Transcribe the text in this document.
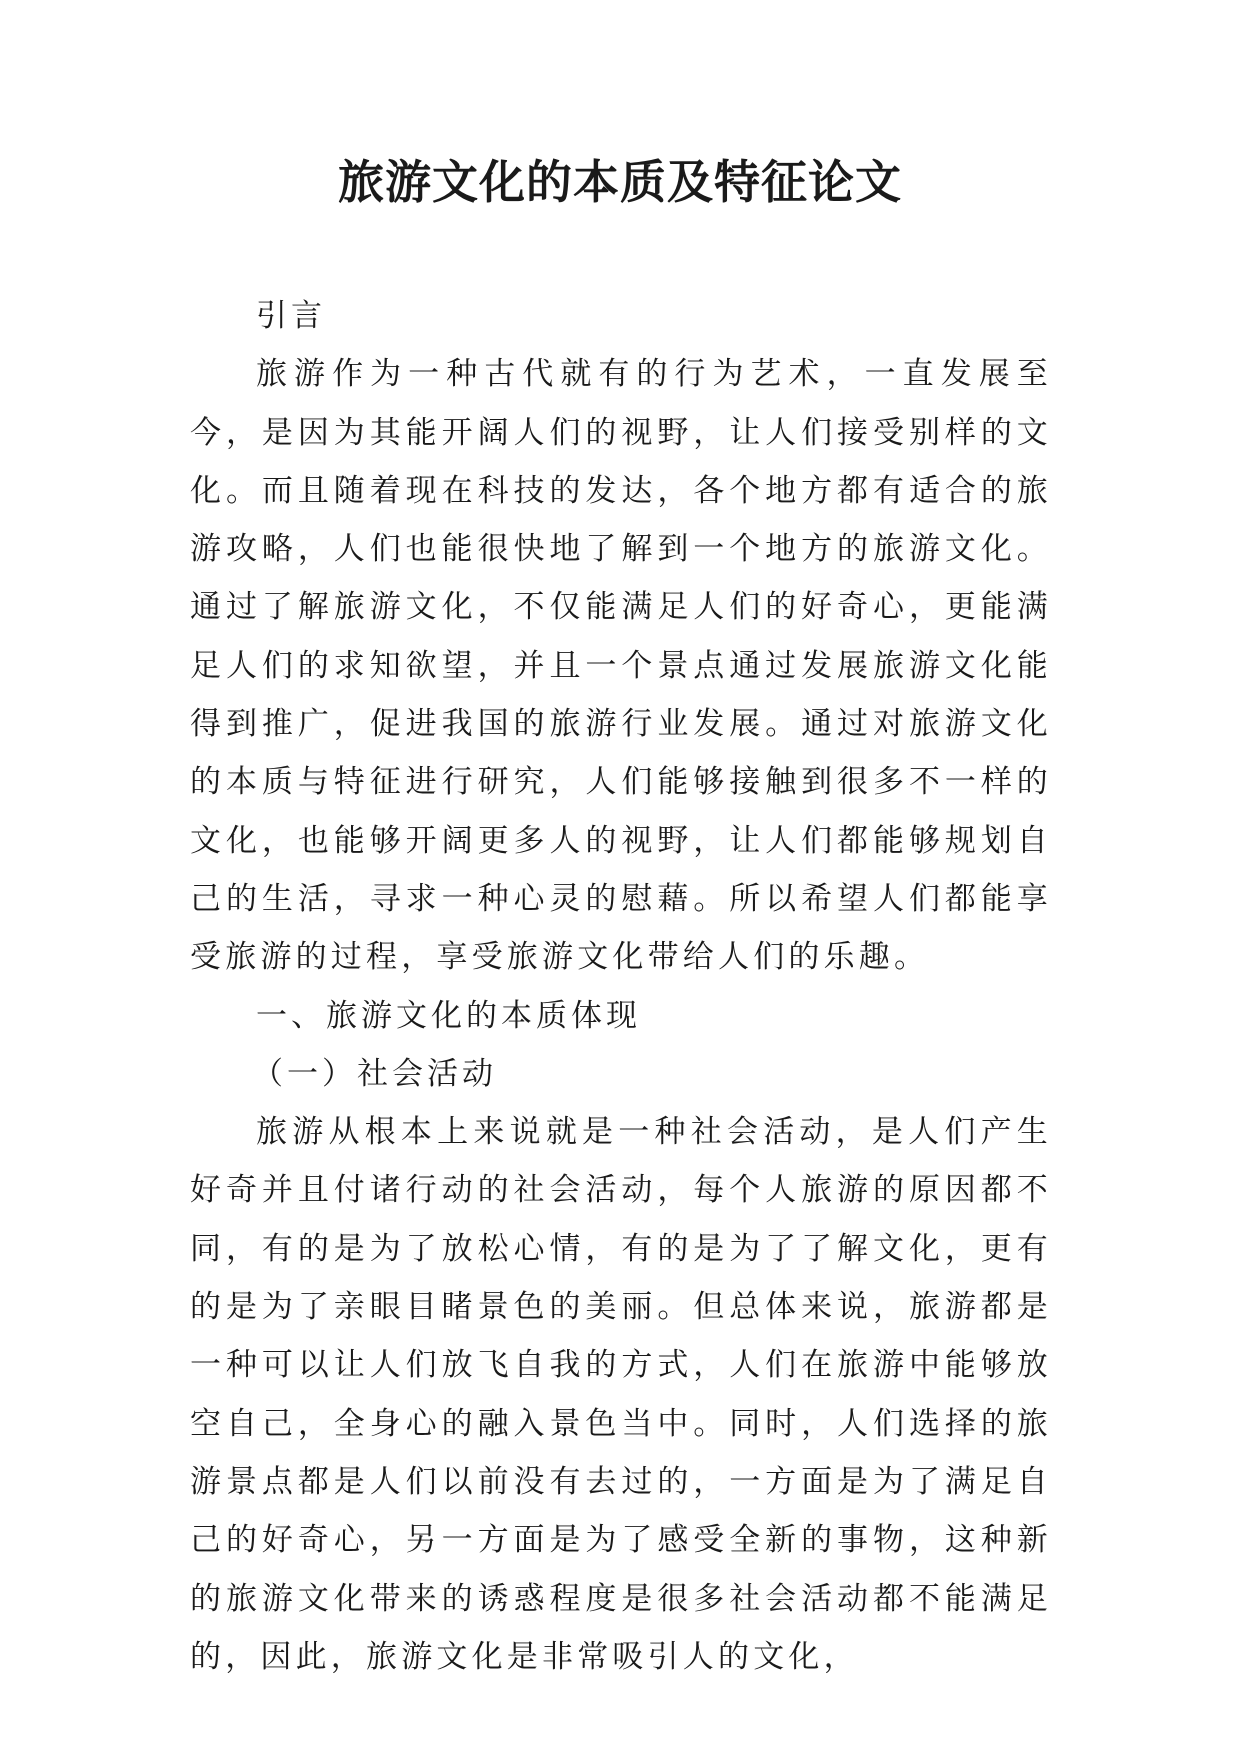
旅游文化的本质及特征论文

引言

旅游作为一种古代就有的行为艺术，一直发展至今，是因为其能开阔人们的视野，让人们接受别样的文化。而且随着现在科技的发达，各个地方都有适合的旅游攻略，人们也能很快地了解到一个地方的旅游文化。通过了解旅游文化，不仅能满足人们的好奇心，更能满足人们的求知欲望，并且一个景点通过发展旅游文化能得到推广，促进我国的旅游行业发展。通过对旅游文化的本质与特征进行研究，人们能够接触到很多不一样的文化，也能够开阔更多人的视野，让人们都能够规划自己的生活，寻求一种心灵的慰藉。所以希望人们都能享受旅游的过程，享受旅游文化带给人们的乐趣。

一、旅游文化的本质体现

（一）社会活动

旅游从根本上来说就是一种社会活动，是人们产生好奇并且付诸行动的社会活动，每个人旅游的原因都不同，有的是为了放松心情，有的是为了了解文化，更有的是为了亲眼目睹景色的美丽。但总体来说，旅游都是一种可以让人们放飞自我的方式，人们在旅游中能够放空自己，全身心的融入景色当中。同时，人们选择的旅游景点都是人们以前没有去过的，一方面是为了满足自己的好奇心，另一方面是为了感受全新的事物，这种新的旅游文化带来的诱惑程度是很多社会活动都不能满足的，因此，旅游文化是非常吸引人的文化，
